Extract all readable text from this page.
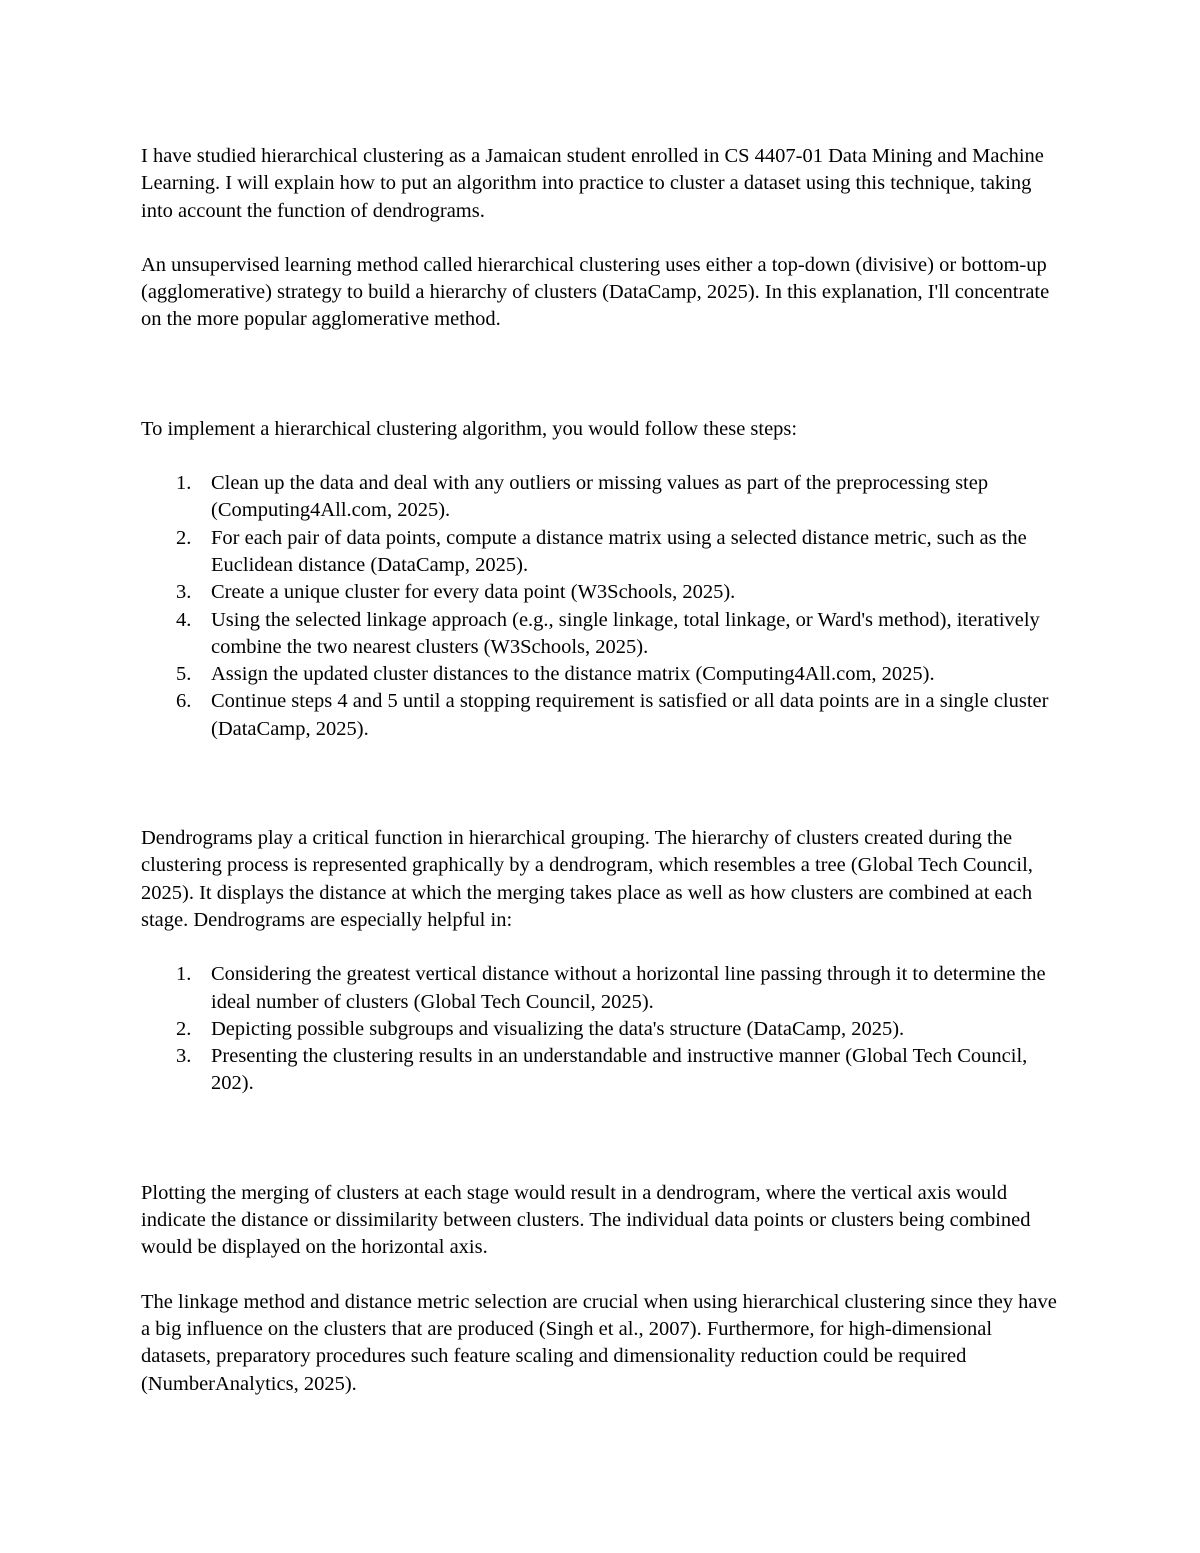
I have studied hierarchical clustering as a Jamaican student enrolled in CS 4407-01 Data Mining and Machine Learning. I will explain how to put an algorithm into practice to cluster a dataset using this technique, taking into account the function of dendrograms.

An unsupervised learning method called hierarchical clustering uses either a top-down (divisive) or bottom-up (agglomerative) strategy to build a hierarchy of clusters (DataCamp, 2025). In this explanation, I'll concentrate on the more popular agglomerative method.

To implement a hierarchical clustering algorithm, you would follow these steps:

1. Clean up the data and deal with any outliers or missing values as part of the preprocessing step (Computing4All.com, 2025).
2. For each pair of data points, compute a distance matrix using a selected distance metric, such as the Euclidean distance (DataCamp, 2025).
3. Create a unique cluster for every data point (W3Schools, 2025).
4. Using the selected linkage approach (e.g., single linkage, total linkage, or Ward's method), iteratively combine the two nearest clusters (W3Schools, 2025).
5. Assign the updated cluster distances to the distance matrix (Computing4All.com, 2025).
6. Continue steps 4 and 5 until a stopping requirement is satisfied or all data points are in a single cluster (DataCamp, 2025).

Dendrograms play a critical function in hierarchical grouping. The hierarchy of clusters created during the clustering process is represented graphically by a dendrogram, which resembles a tree (Global Tech Council, 2025). It displays the distance at which the merging takes place as well as how clusters are combined at each stage. Dendrograms are especially helpful in:

1. Considering the greatest vertical distance without a horizontal line passing through it to determine the ideal number of clusters (Global Tech Council, 2025).
2. Depicting possible subgroups and visualizing the data's structure (DataCamp, 2025).
3. Presenting the clustering results in an understandable and instructive manner (Global Tech Council, 202).

Plotting the merging of clusters at each stage would result in a dendrogram, where the vertical axis would indicate the distance or dissimilarity between clusters. The individual data points or clusters being combined would be displayed on the horizontal axis.

The linkage method and distance metric selection are crucial when using hierarchical clustering since they have a big influence on the clusters that are produced (Singh et al., 2007). Furthermore, for high-dimensional datasets, preparatory procedures such feature scaling and dimensionality reduction could be required (NumberAnalytics, 2025).
